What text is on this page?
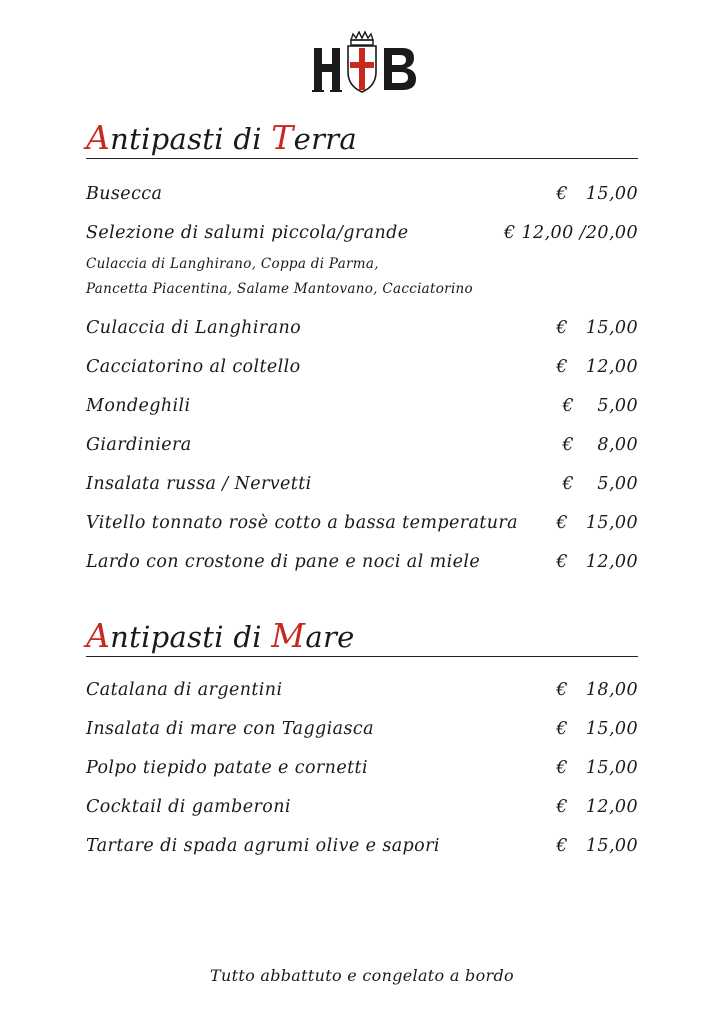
Antipasti di Terra
Busecca	€ 15,00
Selezione di salumi piccola/grande	€ 12,00 /20,00
Culaccia di Langhirano, Coppa di Parma,
Pancetta Piacentina, Salame Mantovano, Cacciatorino
Culaccia di Langhirano	€ 15,00
Cacciatorino al coltello	€ 12,00
Mondeghili	€ 5,00
Giardiniera	€ 8,00
Insalata russa / Nervetti	€ 5,00
Vitello tonnato rosè cotto a bassa temperatura € 15,00
Lardo con crostone di pane e noci al miele	€ 12,00
Antipasti di Mare
Catalana di argentini	€ 18,00
Insalata di mare con Taggiasca	€ 15,00
Polpo tiepido patate e cornetti	€ 15,00
Cocktail di gamberoni	€ 12,00
Tartare di spada agrumi olive e sapori	€ 15,00
Tutto abbattuto e congelato a bordo
